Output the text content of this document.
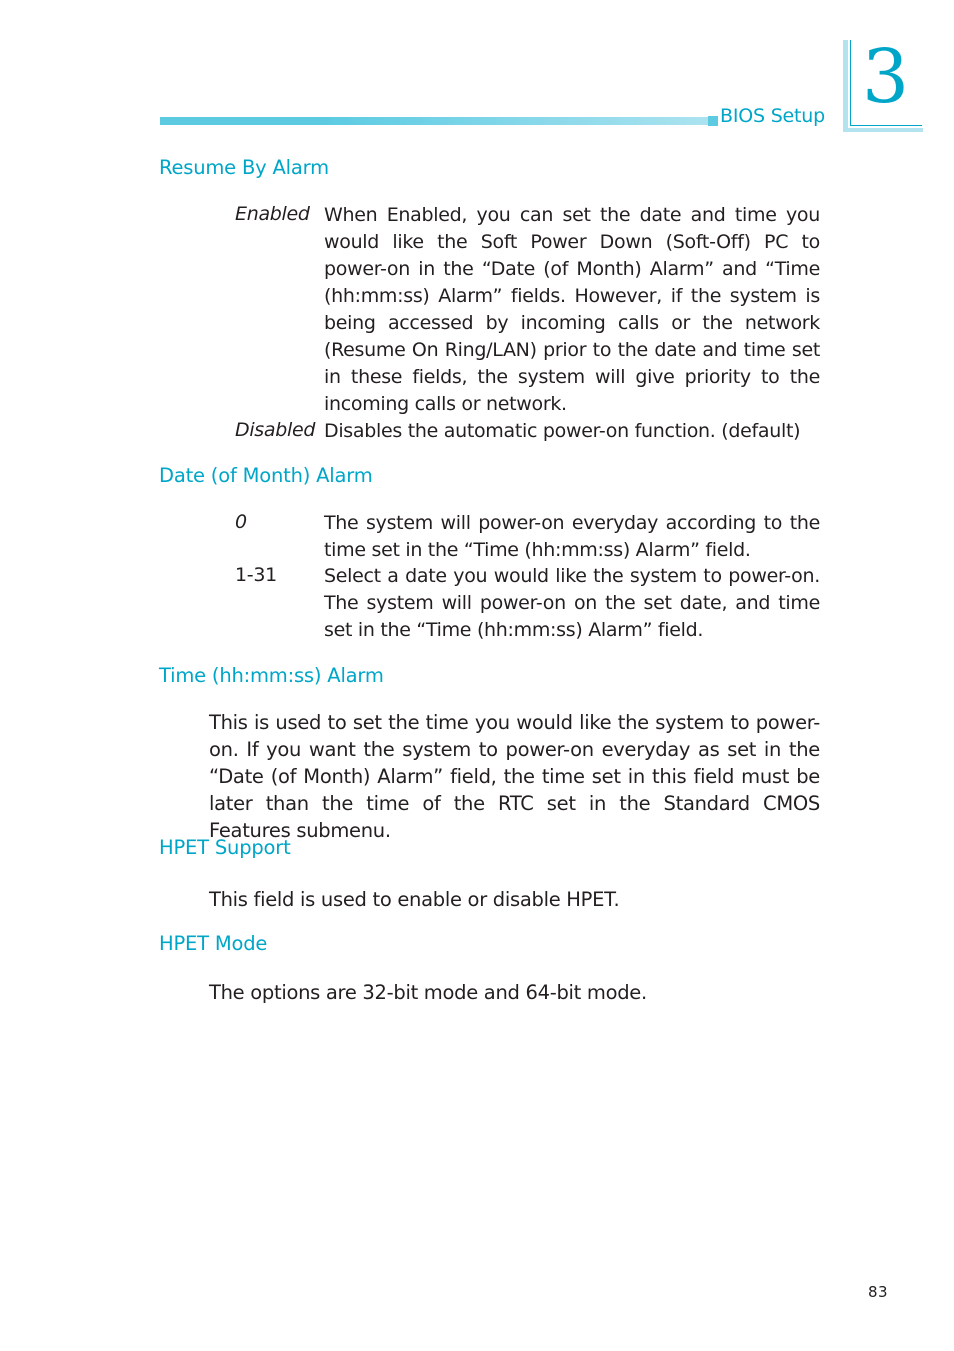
BIOS Setup 3
Resume By Alarm
Enabled When Enabled, you can set the date and time you would like the Soft Power Down (Soft-Off) PC to power-on in the “Date (of Month) Alarm” and “Time (hh:mm:ss) Alarm” fields. However, if the system is being accessed by incoming calls or the network (Resume On Ring/LAN) prior to the date and time set in these fields, the system will give priority to the incoming calls or network.
Disabled Disables the automatic power-on function. (default)
Date (of Month) Alarm
0	The system will power-on everyday according to the time set in the “Time (hh:mm:ss) Alarm” field.
1-31 Select a date you would like the system to power-on. The system will power-on on the set date, and time set in the “Time (hh:mm:ss) Alarm” field.
Time (hh:mm:ss) Alarm
This is used to set the time you would like the system to power-on. If you want the system to power-on everyday as set in the “Date (of Month) Alarm” field, the time set in this field must be later than the time of the RTC set in the Standard CMOS Features submenu.
HPET Support
This field is used to enable or disable HPET.
HPET Mode
The options are 32-bit mode and 64-bit mode.
83
